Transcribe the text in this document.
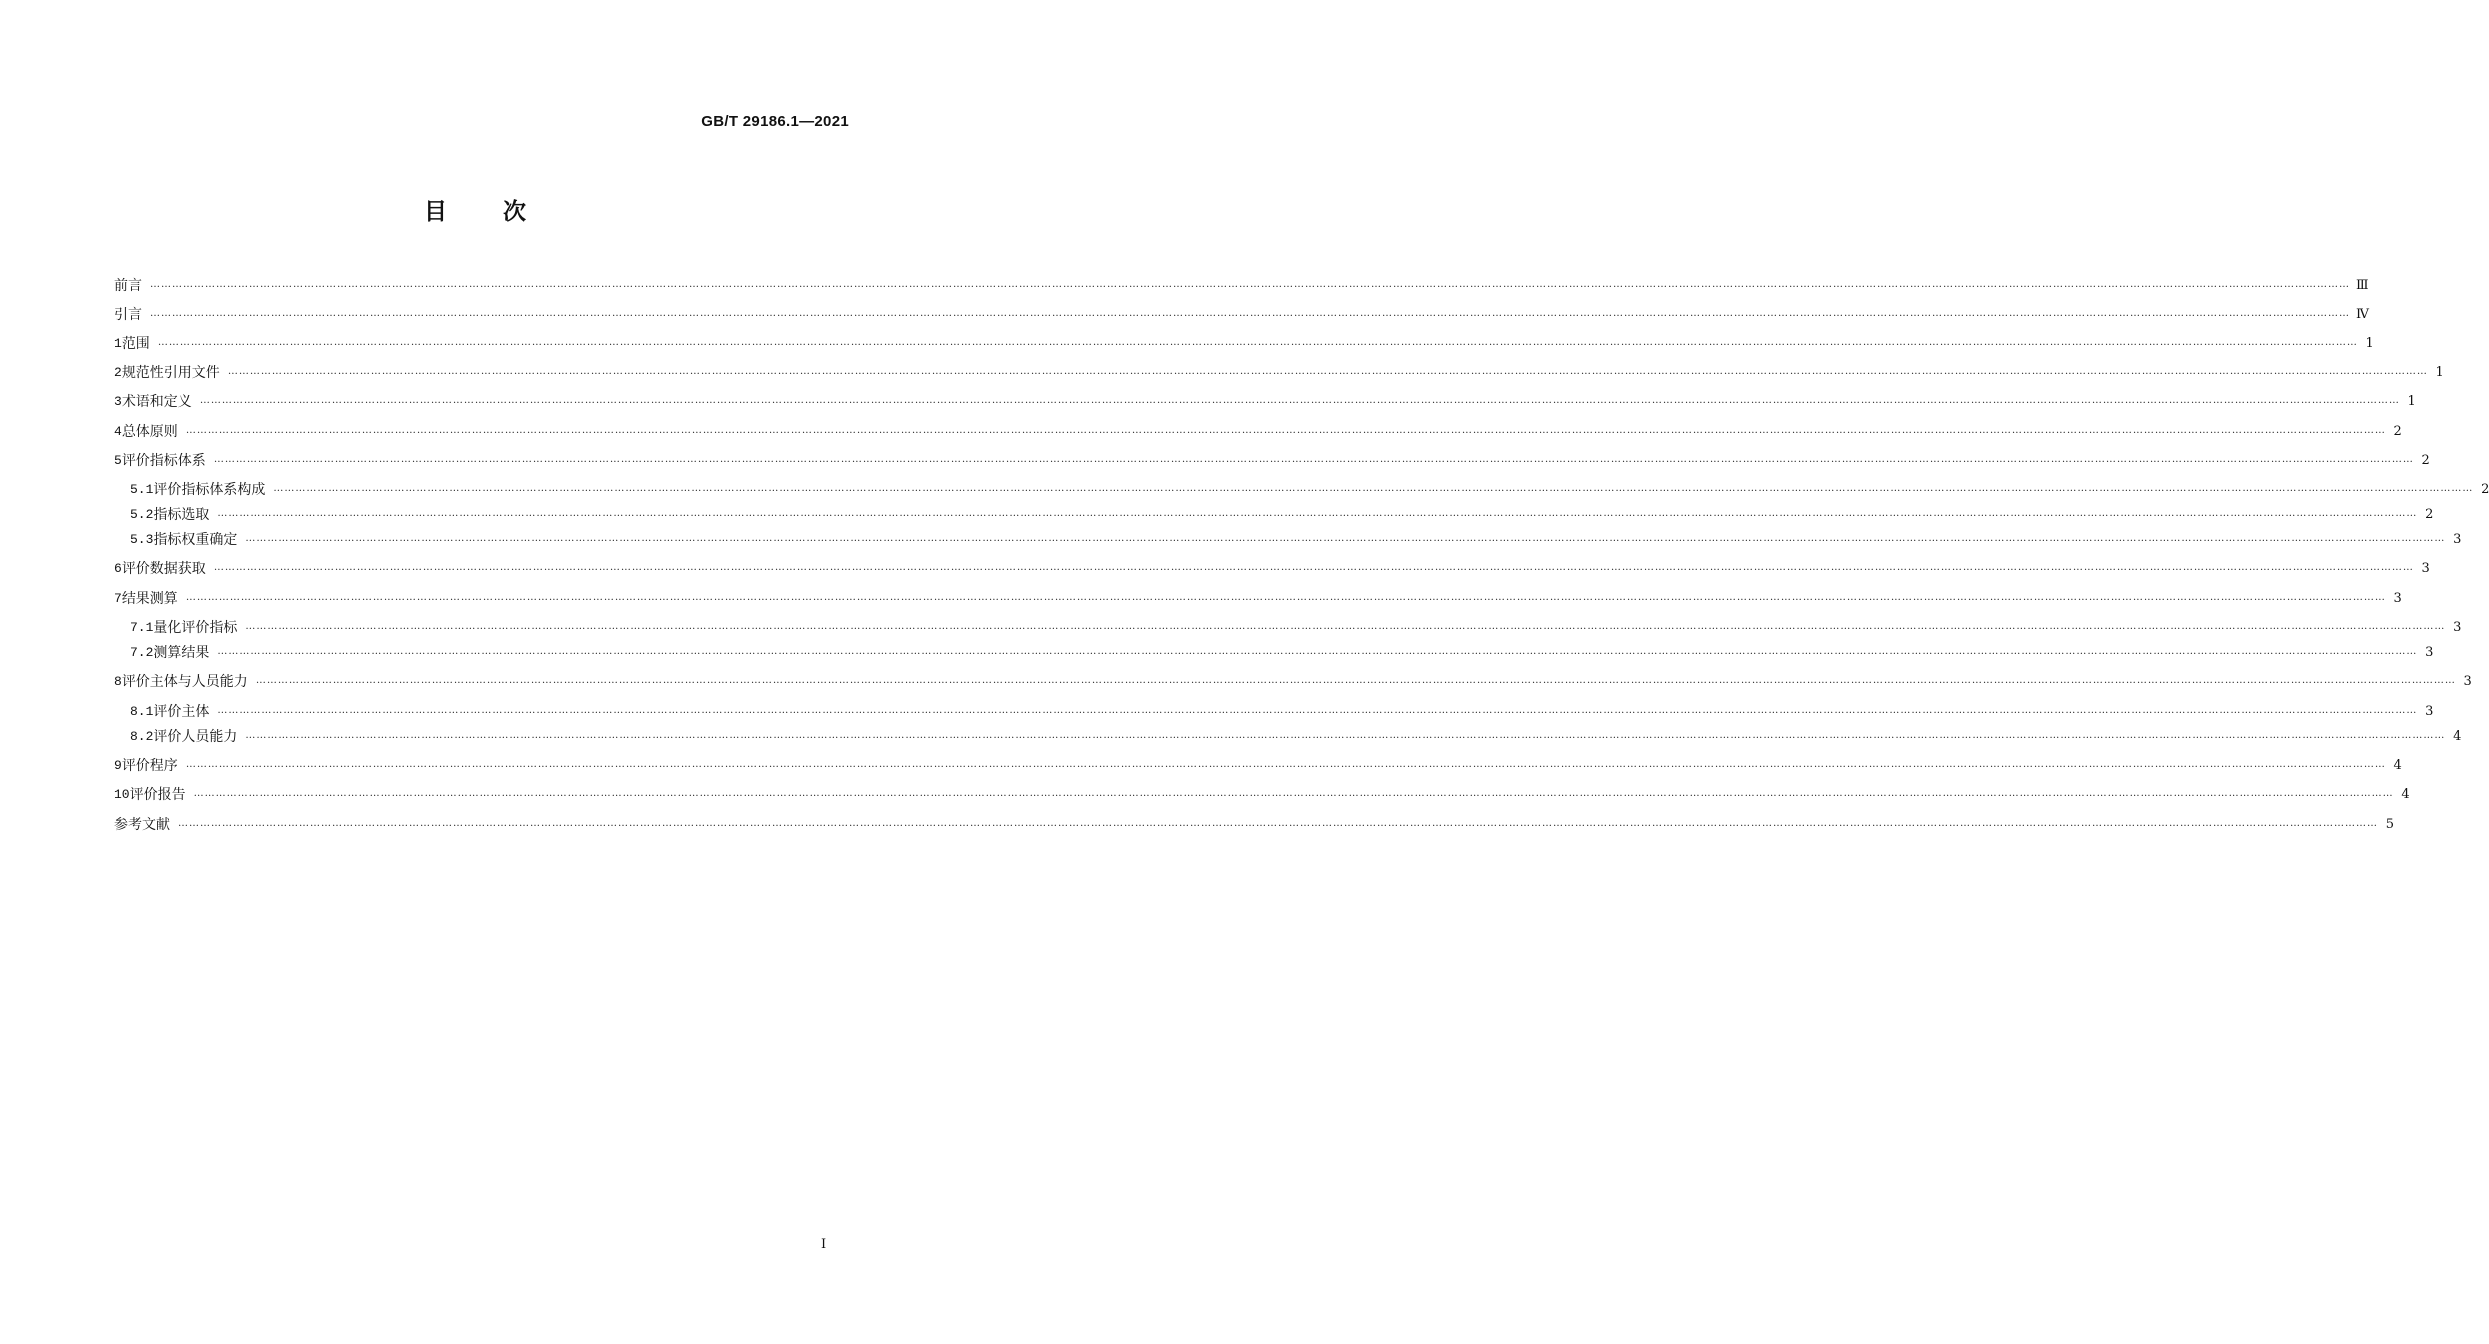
GB/T 29186.1—2021
目 次
前言 …………………………………………………………………………………………………………………………………………………………………………………………………………………………………………………………………………………………………………………………………………………………………………………………………………………………………………………………………………………………………………………………………………………… Ⅲ
引言 …………………………………………………………………………………………………………………………………………………………………………………………………………………………………………………………………………………………………………………………………………………………………………………………………………………………………………………………………………………………………………………………………………………… Ⅳ
1 范围 …………………………………………………………………………………………………………………………………………………………………………………………………………………………………………………………………………………………………………………………………………………………………………………………………………………………………………………………………………………………………………………………………………………… 1
2 规范性引用文件 …………………………………………………………………………………………………………………………………………………………………………………………………………………………………………………………………………………………………………………………………………………………………………………………………………………………………………………………………………………………………………………………………………………… 1
3 术语和定义 …………………………………………………………………………………………………………………………………………………………………………………………………………………………………………………………………………………………………………………………………………………………………………………………………………………………………………………………………………………………………………………………………………………… 1
4 总体原则 …………………………………………………………………………………………………………………………………………………………………………………………………………………………………………………………………………………………………………………………………………………………………………………………………………………………………………………………………………………………………………………………………………………… 2
5 评价指标体系 …………………………………………………………………………………………………………………………………………………………………………………………………………………………………………………………………………………………………………………………………………………………………………………………………………………………………………………………………………………………………………………………………………………… 2
5.1 评价指标体系构成 …………………………………………………………………………………………………………………………………………………………………………………………………………………………………………………………………………………………………………………………………………………………………………………………………………………………………………………………………………………………………………………………………………………… 2
5.2 指标选取 …………………………………………………………………………………………………………………………………………………………………………………………………………………………………………………………………………………………………………………………………………………………………………………………………………………………………………………………………………………………………………………………………………………… 2
5.3 指标权重确定 …………………………………………………………………………………………………………………………………………………………………………………………………………………………………………………………………………………………………………………………………………………………………………………………………………………………………………………………………………………………………………………………………………………… 3
6 评价数据获取 …………………………………………………………………………………………………………………………………………………………………………………………………………………………………………………………………………………………………………………………………………………………………………………………………………………………………………………………………………………………………………………………………………………… 3
7 结果测算 …………………………………………………………………………………………………………………………………………………………………………………………………………………………………………………………………………………………………………………………………………………………………………………………………………………………………………………………………………………………………………………………………………………… 3
7.1 量化评价指标 …………………………………………………………………………………………………………………………………………………………………………………………………………………………………………………………………………………………………………………………………………………………………………………………………………………………………………………………………………………………………………………………………………………… 3
7.2 测算结果 …………………………………………………………………………………………………………………………………………………………………………………………………………………………………………………………………………………………………………………………………………………………………………………………………………………………………………………………………………………………………………………………………………………… 3
8 评价主体与人员能力 …………………………………………………………………………………………………………………………………………………………………………………………………………………………………………………………………………………………………………………………………………………………………………………………………………………………………………………………………………………………………………………………………………………… 3
8.1 评价主体 …………………………………………………………………………………………………………………………………………………………………………………………………………………………………………………………………………………………………………………………………………………………………………………………………………………………………………………………………………………………………………………………………………………… 3
8.2 评价人员能力 …………………………………………………………………………………………………………………………………………………………………………………………………………………………………………………………………………………………………………………………………………………………………………………………………………………………………………………………………………………………………………………………………………………… 4
9 评价程序 …………………………………………………………………………………………………………………………………………………………………………………………………………………………………………………………………………………………………………………………………………………………………………………………………………………………………………………………………………………………………………………………………………………… 4
10 评价报告 …………………………………………………………………………………………………………………………………………………………………………………………………………………………………………………………………………………………………………………………………………………………………………………………………………………………………………………………………………………………………………………………………………………… 4
参考文献 …………………………………………………………………………………………………………………………………………………………………………………………………………………………………………………………………………………………………………………………………………………………………………………………………………………………………………………………………………………………………………………………………………………… 5
I
